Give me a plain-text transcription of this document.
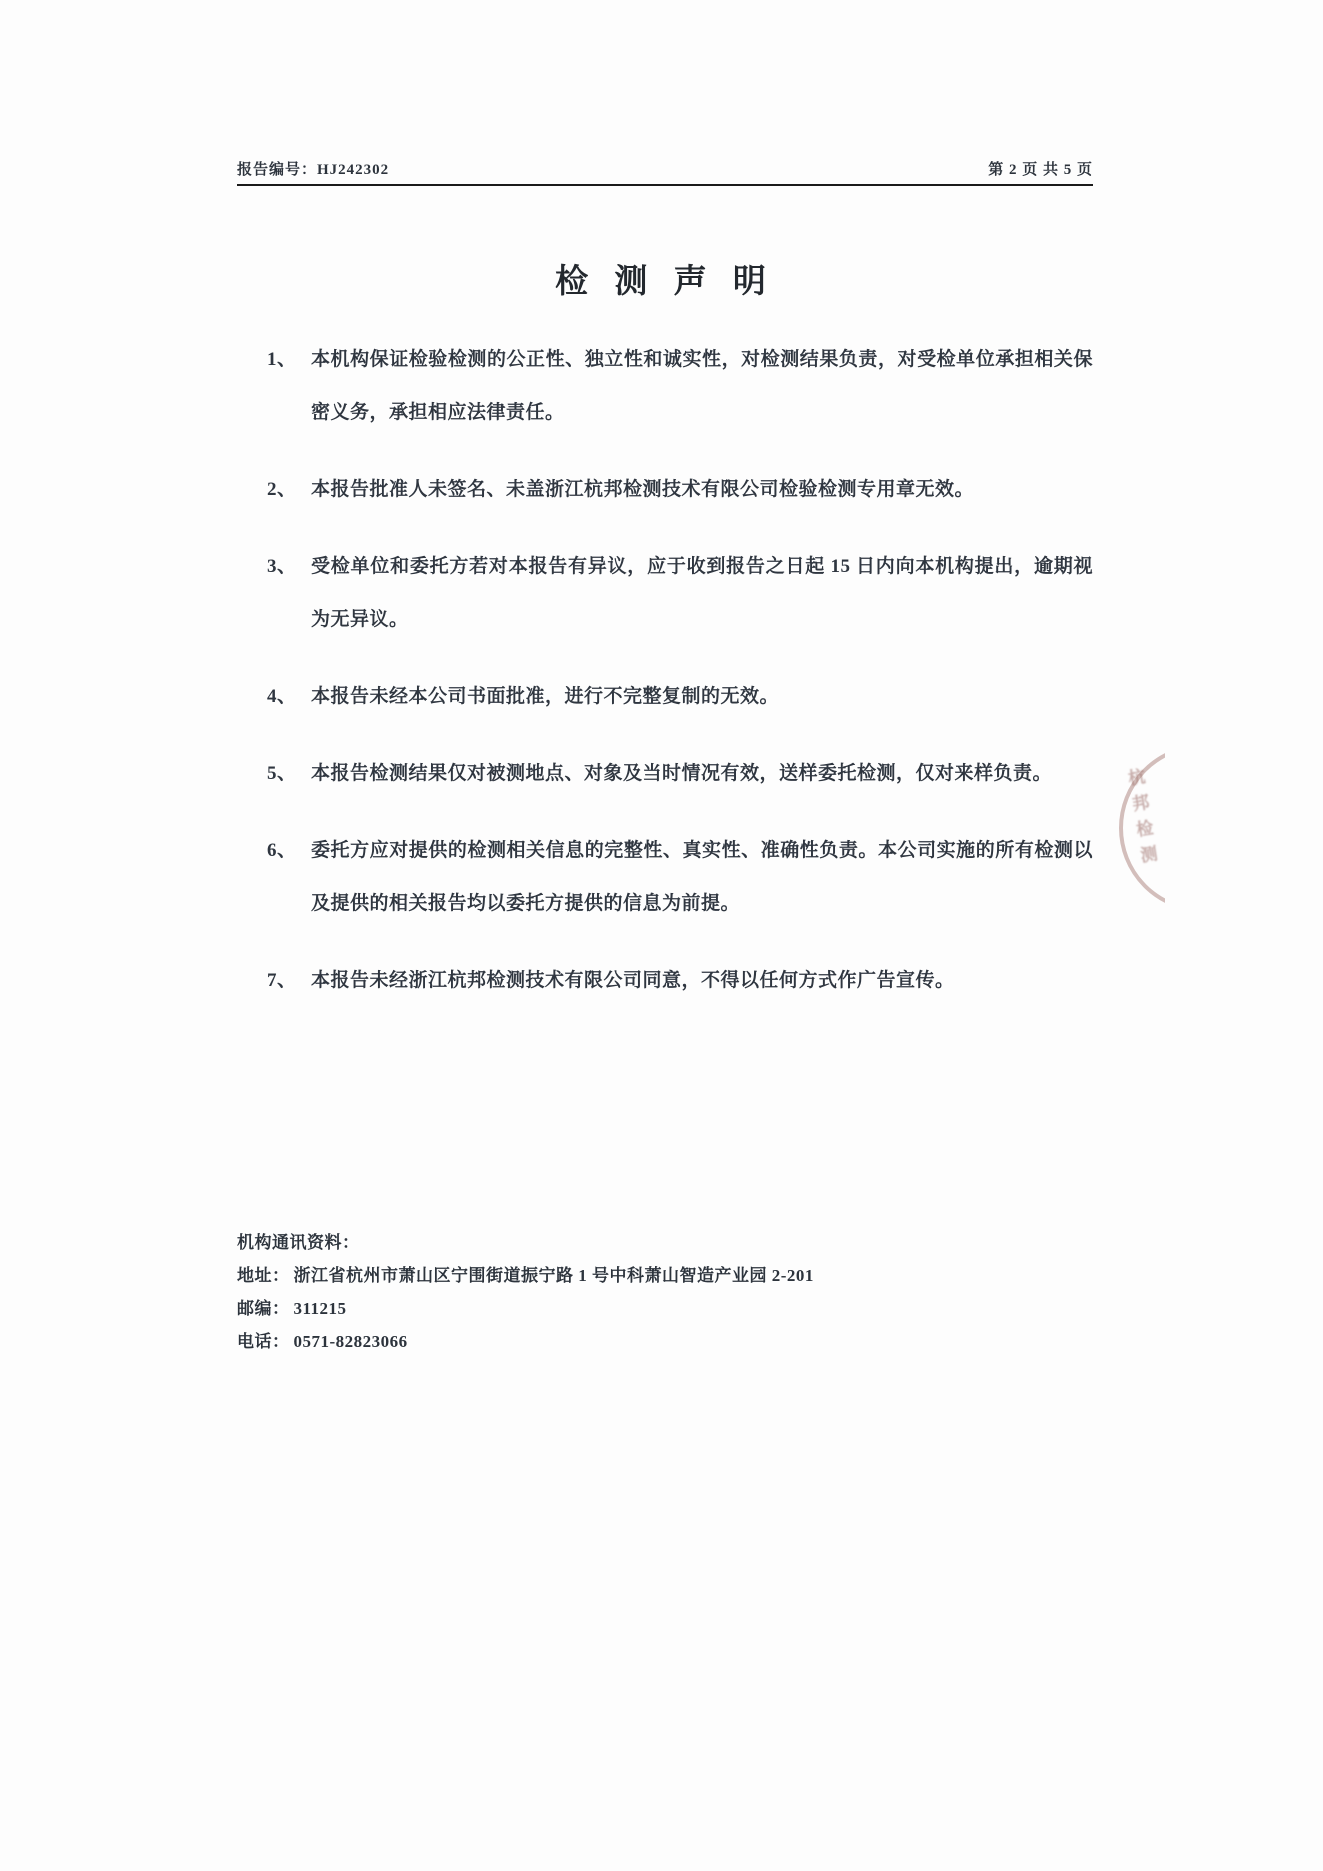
报告编号：HJ242302	第 2 页 共 5 页
检 测 声 明
1、 本机构保证检验检测的公正性、独立性和诚实性，对检测结果负责，对受检单位承担相关保密义务，承担相应法律责任。
2、 本报告批准人未签名、未盖浙江杭邦检测技术有限公司检验检测专用章无效。
3、 受检单位和委托方若对本报告有异议，应于收到报告之日起 15 日内向本机构提出，逾期视为无异议。
4、 本报告未经本公司书面批准，进行不完整复制的无效。
5、 本报告检测结果仅对被测地点、对象及当时情况有效，送样委托检测，仅对来样负责。
6、 委托方应对提供的检测相关信息的完整性、真实性、准确性负责。本公司实施的所有检测以及提供的相关报告均以委托方提供的信息为前提。
7、 本报告未经浙江杭邦检测技术有限公司同意，不得以任何方式作广告宣传。
机构通讯资料：
地址： 浙江省杭州市萧山区宁围街道振宁路 1 号中科萧山智造产业园 2-201
邮编： 311215
电话： 0571-82823066
杭邦检测
